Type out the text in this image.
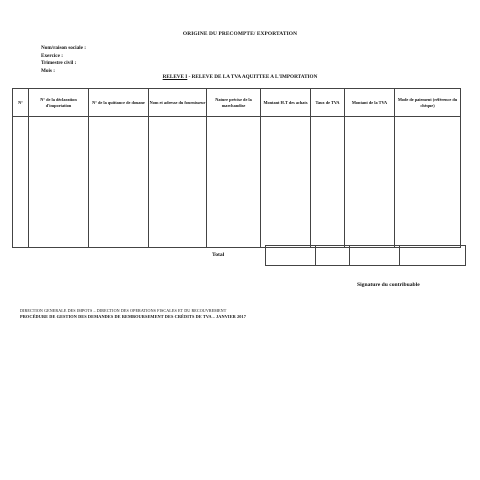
ORIGINE DU PRECOMPTE/ EXPORTATION
Nom/raison sociale :
Exercice :
Trimestre civil :
Mois :
RELEVE I - RELEVE DE LA TVA AQUITTEE A L'IMPORTATION
N°	N° de la déclaration d'importation	N° de la quittance de douane	Nom et adresse du fournisseur	Nature précise de la marchandise	Montant H.T des achats	Taux de TVA	Montant de la TVA	Mode de paiement (référence du chèque)

Total

Signature du contribuable
DIRECTION GENERALE DES IMPOTS – DIRECTION DES OPERATIONS FISCALES ET DU RECOUVREMENT
PROCÉDURE DE GESTION DES DEMANDES DE REMBOURSEMENT DES CRÉDITS DE TVA – JANVIER 2017
